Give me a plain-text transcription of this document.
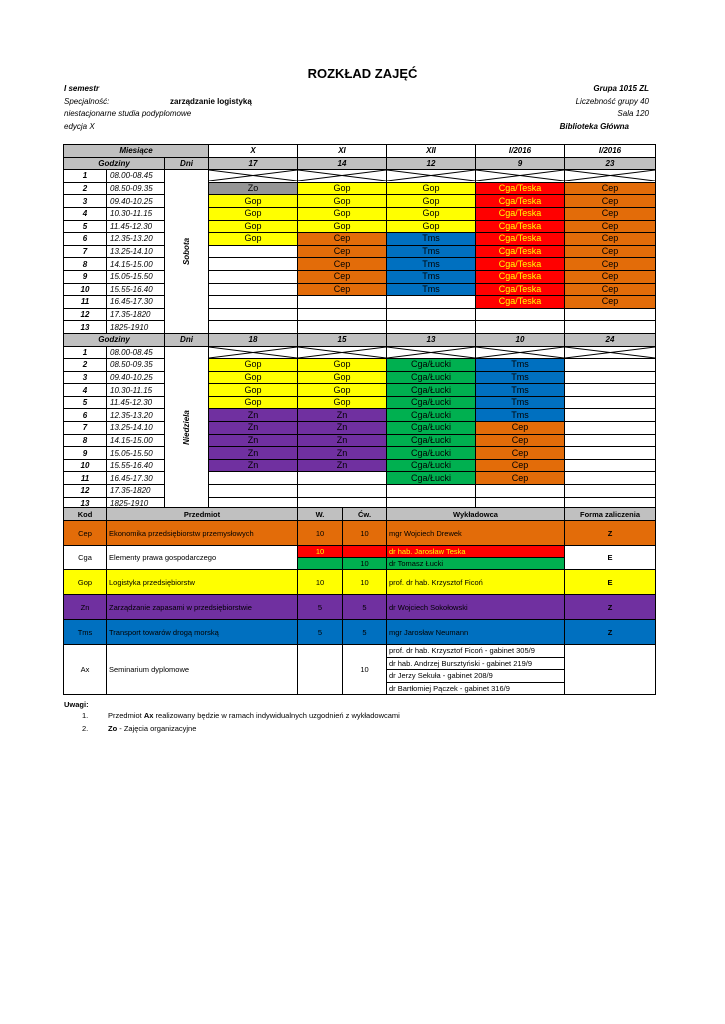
ROZKŁAD ZAJĘĆ
I semestr	Grupa 1015 ZL
Specjalność:	zarządzanie logistyką	Liczebność grupy 40
niestacjonarne studia podyplomowe	Sala 120
edycja X	Biblioteka Główna
Miesiące			X	XI	XII	I/2016	I/2016
Godziny		Dni	17	14	12	9	23
1	08.00-08.45	Sobota	

2	08.50-09.35		Zo	Gop	Gop	Cga/Teska	Cep
3	09.40-10.25		Gop	Gop	Gop	Cga/Teska	Cep
4	10.30-11.15		Gop	Gop	Gop	Cga/Teska	Cep
5	11.45-12.30		Gop	Gop	Gop	Cga/Teska	Cep
6	12.35-13.20		Gop	Cep	Tms	Cga/Teska	Cep
7	13.25-14.10			Cep	Tms	Cga/Teska	Cep
8	14.15-15.00			Cep	Tms	Cga/Teska	Cep
9	15.05-15.50			Cep	Tms	Cga/Teska	Cep
10	15.55-16.40			Cep	Tms	Cga/Teska	Cep
11	16.45-17.30					Cga/Teska	Cep
12	17.35-1820						
13	1825-1910						
Godziny		Dni	18	15	13	10	24
1	08.00-08.45	Niedziela	

2	08.50-09.35		Gop	Gop	Cga/Łucki	Tms	
3	09.40-10.25		Gop	Gop	Cga/Łucki	Tms	
4	10.30-11.15		Gop	Gop	Cga/Łucki	Tms	
5	11.45-12.30		Gop	Gop	Cga/Łucki	Tms	
6	12.35-13.20		Zn	Zn	Cga/Łucki	Tms	
7	13.25-14.10		Zn	Zn	Cga/Łucki	Cep	
8	14.15-15.00		Zn	Zn	Cga/Łucki	Cep	
9	15.05-15.50		Zn	Zn	Cga/Łucki	Cep	
10	15.55-16.40		Zn	Zn	Cga/Łucki	Cep	
11	16.45-17.30				Cga/Łucki	Cep	
12	17.35-1820						
13	1825-1910						
Kod	Przedmiot	W.	Ćw.	Wykładowca	Forma zaliczenia
Cep	Ekonomika przedsiębiorstw przemysłowych	10	10	mgr Wojciech Drewek	Z
Cga	Elementy prawa gospodarczego	10		dr hab. Jarosław Teska	E
			10	dr Tomasz Łucki	
Gop	Logistyka przedsiębiorstw	10	10	prof. dr hab. Krzysztof Ficoń	E
Zn	Zarządzanie zapasami w przedsiębiorstwie	5	5	dr Wojciech Sokołowski	Z
Tms	Transport towarów drogą morską	5	5	mgr Jarosław Neumann	Z
Ax	Seminarium dyplomowe		10	prof. dr hab. Krzysztof Ficoń - gabinet 305/9	
				dr hab. Andrzej Bursztyński - gabinet 219/9	
				dr Jerzy Sekuła - gabinet 208/9	
				dr Bartłomiej Pączek - gabinet 316/9	
Uwagi:
1.	Przedmiot Ax realizowany będzie w ramach indywidualnych uzgodnień z wykładowcami
2.	Zo - Zajęcia organizacyjne
